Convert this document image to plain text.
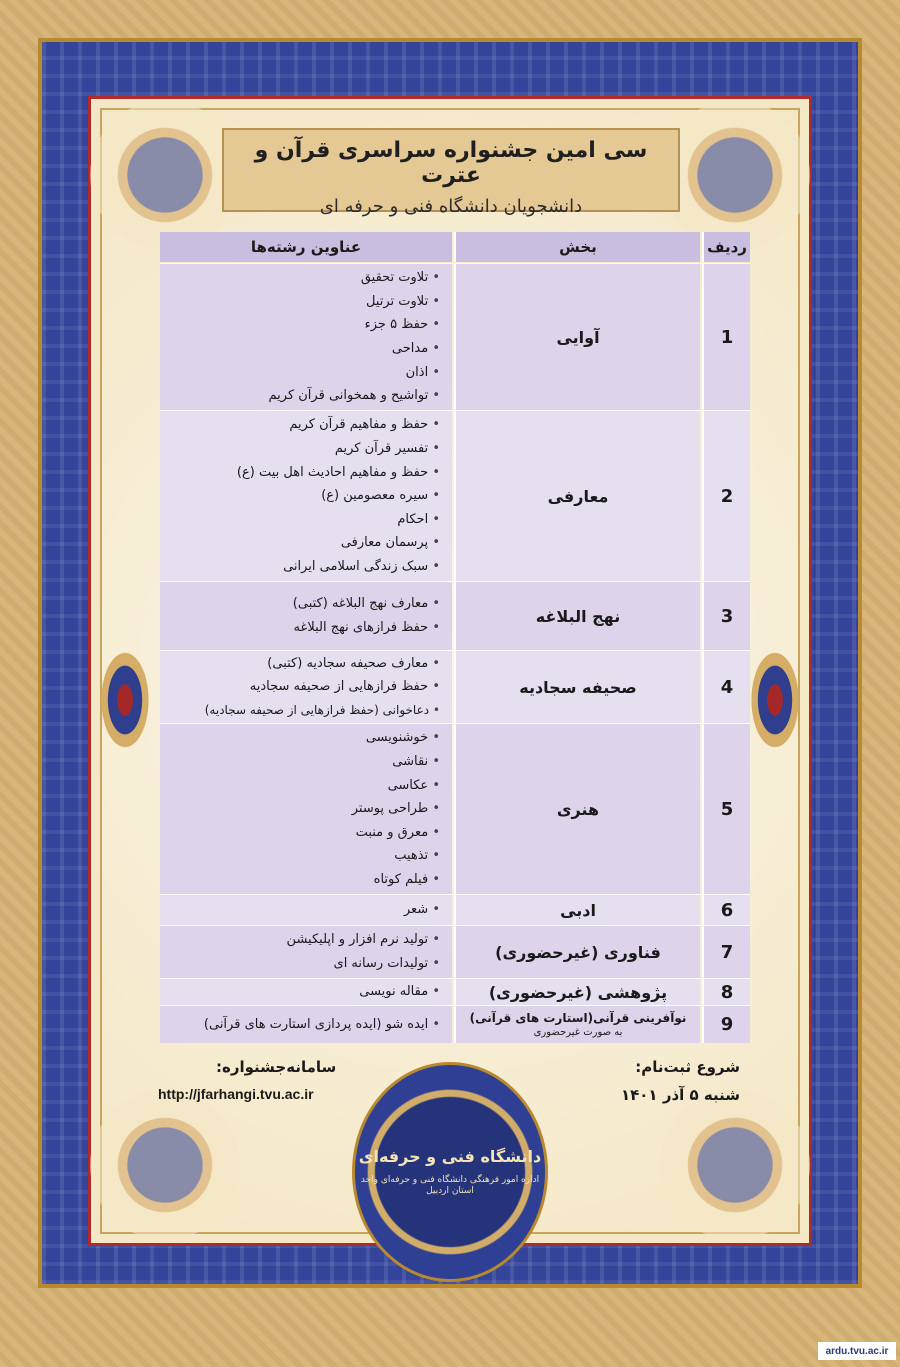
سی امین جشنواره سراسری قرآن و عترت
دانشجویان دانشگاه فنی و حرفه ای
ردیف
بخش
عناوین رشته‌ها
1
آوایی
• تلاوت تحقیق
• تلاوت ترتیل
• حفظ ۵ جزء
• مداحی
• اذان
• تواشیح و همخوانی قرآن کریم
2
معارفی
• حفظ و مفاهیم قرآن کریم
• تفسیر قرآن کریم
• حفظ و مفاهیم احادیث اهل بیت (ع)
• سیره معصومین (ع)
• احکام
• پرسمان معارفی
• سبک زندگی اسلامی ایرانی
3
نهج البلاغه
• معارف نهج البلاغه (کتبی)
• حفظ فرازهای نهج البلاغه
4
صحیفه سجادیه
• معارف صحیفه سجادیه (کتبی)
• حفظ فرازهایی از صحیفه سجادیه
• دعاخوانی (حفظ فرازهایی از صحیفه سجادیه)
5
هنری
• خوشنویسی
• نقاشی
• عکاسی
• طراحی پوستر
• معرق و منبت
• تذهیب
• فیلم کوتاه
6
ادبی
• شعر
7
فناوری (غیرحضوری)
• تولید نرم افزار و اپلیکیشن
• تولیدات رسانه ای
8
پژوهشی (غیرحضوری)
• مقاله نویسی
9
نوآفرینی قرآنی(استارت های قرآنی)
به صورت غیرحضوری
• ایده شو (ایده پردازی استارت های قرآنی)
شروع ثبت‌نام:
شنبه ۵ آذر ۱۴۰۱
سامانه‌جشنواره:
http://jfarhangi.tvu.ac.ir
دانشگاه فنی و حرفه‌ای
اداره امور فرهنگی دانشگاه فنی و حرفه‌ای واحد استان اردبیل
ardu.tvu.ac.ir
